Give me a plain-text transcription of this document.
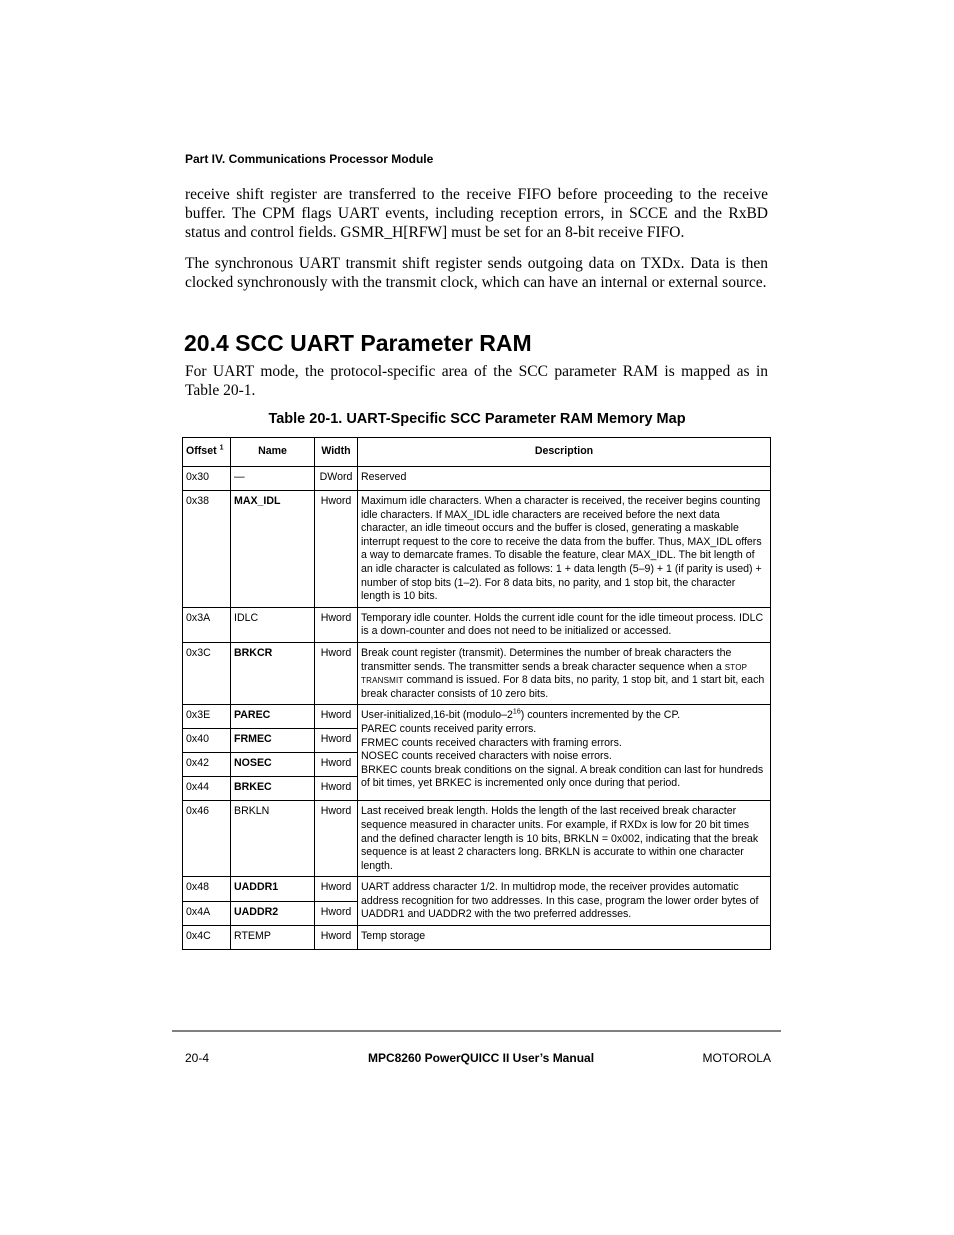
Part IV. Communications Processor Module

receive shift register are transferred to the receive FIFO before proceeding to the receive buffer. The CPM flags UART events, including reception errors, in SCCE and the RxBD status and control fields. GSMR_H[RFW] must be set for an 8-bit receive FIFO.

The synchronous UART transmit shift register sends outgoing data on TXDx. Data is then clocked synchronously with the transmit clock, which can have an internal or external source.

20.4 SCC UART Parameter RAM

For UART mode, the protocol-specific area of the SCC parameter RAM is mapped as in Table 20-1.

Table 20-1. UART-Specific SCC Parameter RAM Memory Map
Offset $^1$	Name	Width	Description
0x30	—	DWord	Reserved
0x38	MAX_IDL	Hword	Maximum idle characters. When a character is received, the receiver begins counting idle characters. If MAX_IDL idle characters are received before the next data character, an idle timeout occurs and the buffer is closed, generating a maskable interrupt request to the core to receive the data from the buffer. Thus, MAX_IDL offers a way to demarcate frames. To disable the feature, clear MAX_IDL. The bit length of an idle character is calculated as follows: 1 + data length (5–9) + 1 (if parity is used) + number of stop bits (1–2). For 8 data bits, no parity, and 1 stop bit, the character length is 10 bits.
0x3A	IDLC	Hword	Temporary idle counter. Holds the current idle count for the idle timeout process. IDLC is a down-counter and does not need to be initialized or accessed.
0x3C	BRKCR	Hword	Break count register (transmit). Determines the number of break characters the transmitter sends. The transmitter sends a break character sequence when a STOP TRANSMIT command is issued. For 8 data bits, no parity, 1 stop bit, and 1 start bit, each break character consists of 10 zero bits.
0x3E	PAREC	Hword	User-initialized,16-bit $(modulo-2^{16})$ counters incremented by the CP.
PAREC counts received parity errors.
FRMEC counts received characters with framing errors.
NOSEC counts received characters with noise errors.
BRKEC counts break conditions on the signal. A break condition can last for hundreds of bit times, yet BRKEC is incremented only once during that period.

0x40	FRMEC	Hword	
0x42	NOSEC	Hword	
0x44	BRKEC	Hword	
0x46	BRKLN	Hword	Last received break length. Holds the length of the last received break character sequence measured in character units. For example, if RXDx is low for 20 bit times and the defined character length is 10 bits, BRKLN = 0x002, indicating that the break sequence is at least 2 characters long. BRKLN is accurate to within one character length.
0x48	UADDR1	Hword	UART address character 1/2. In multidrop mode, the receiver provides automatic address recognition for two addresses. In this case, program the lower order bytes of UADDR1 and UADDR2 with the two preferred addresses.
0x4A	UADDR2	Hword	
0x4C	RTEMP	Hword	Temp storage
20-4	MPC8260 PowerQUICC II User’s Manual	MOTOROLA
